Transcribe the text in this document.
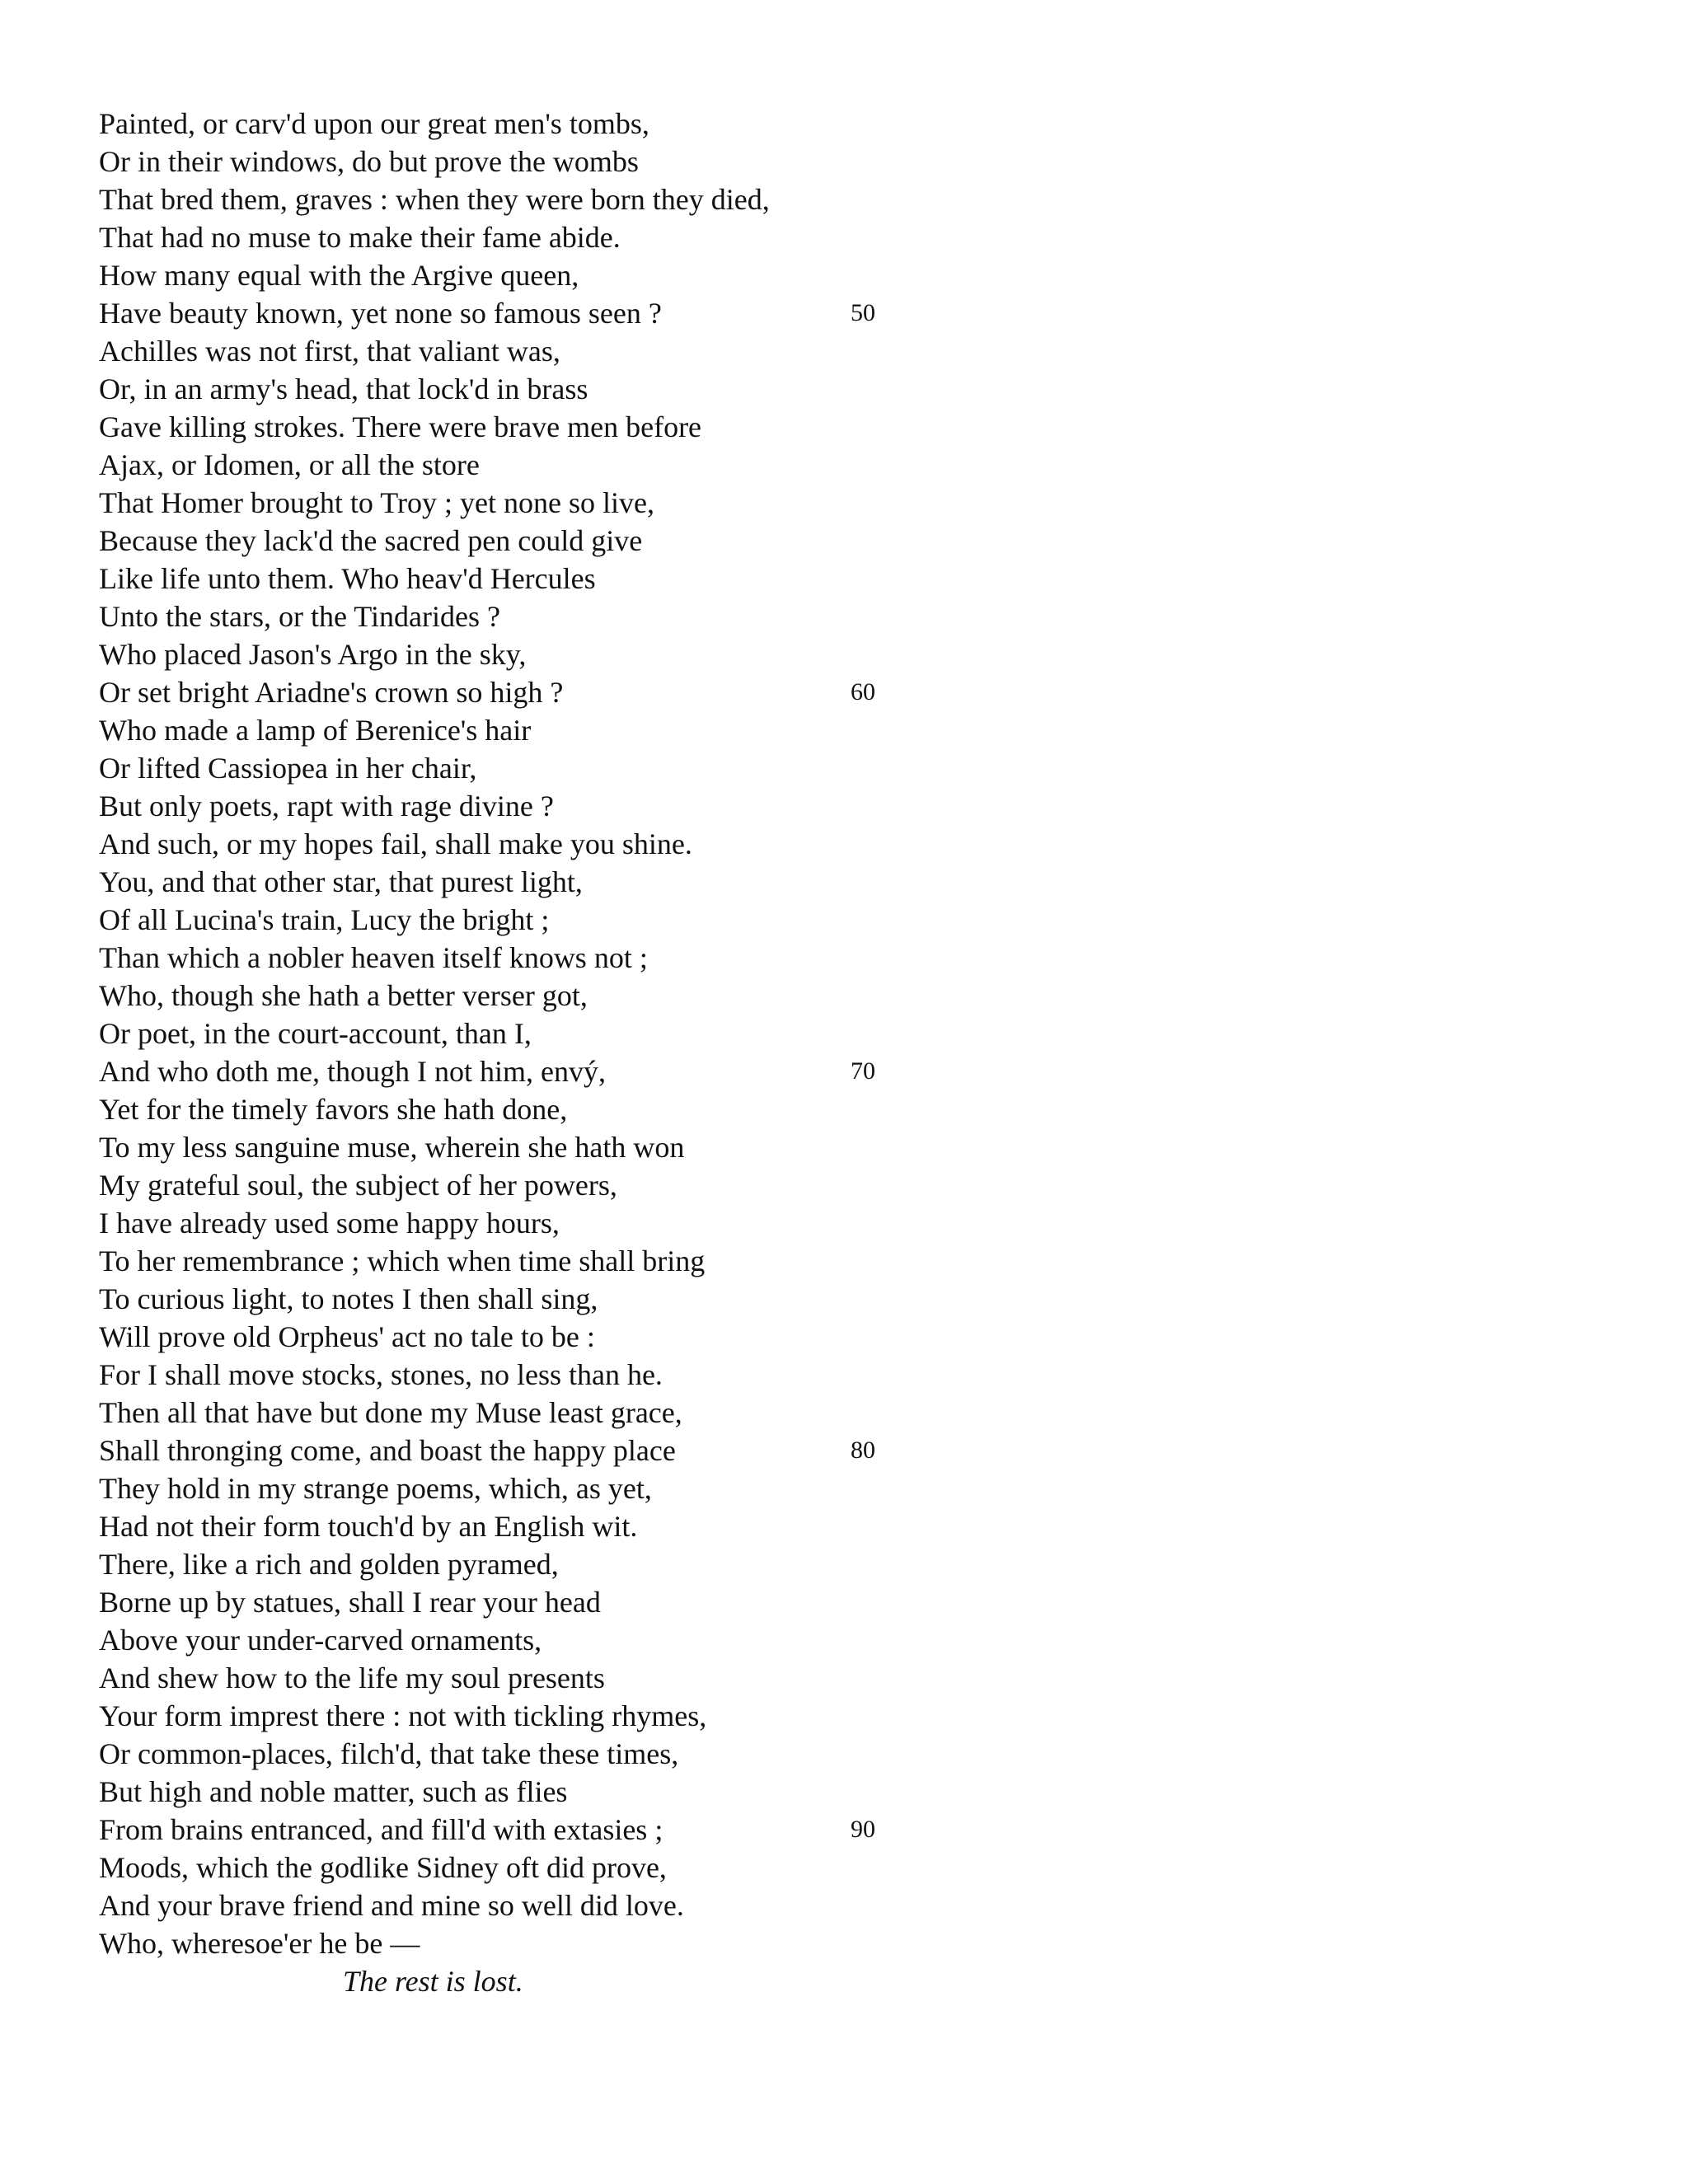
Painted, or carv'd upon our great men's tombs,
Or in their windows, do but prove the wombs
That bred them, graves : when they were born they died,
That had no muse to make their fame abide.
How many equal with the Argive queen,
Have beauty known, yet none so famous seen ?	50
Achilles was not first, that valiant was,
Or, in an army's head, that lock'd in brass
Gave killing strokes. There were brave men before
Ajax, or Idomen, or all the store
That Homer brought to Troy ; yet none so live,
Because they lack'd the sacred pen could give
Like life unto them. Who heav'd Hercules
Unto the stars, or the Tindarides ?
Who placed Jason's Argo in the sky,
Or set bright Ariadne's crown so high ?	60
Who made a lamp of Berenice's hair
Or lifted Cassiopea in her chair,
But only poets, rapt with rage divine ?
And such, or my hopes fail, shall make you shine.
You, and that other star, that purest light,
Of all Lucina's train, Lucy the bright ;
Than which a nobler heaven itself knows not ;
Who, though she hath a better verser got,
Or poet, in the court-account, than I,
And who doth me, though I not him, envý,	70
Yet for the timely favors she hath done,
To my less sanguine muse, wherein she hath won
My grateful soul, the subject of her powers,
I have already used some happy hours,
To her remembrance ; which when time shall bring
To curious light, to notes I then shall sing,
Will prove old Orpheus' act no tale to be :
For I shall move stocks, stones, no less than he.
Then all that have but done my Muse least grace,
Shall thronging come, and boast the happy place	80
They hold in my strange poems, which, as yet,
Had not their form touch'd by an English wit.
There, like a rich and golden pyramed,
Borne up by statues, shall I rear your head
Above your under-carved ornaments,
And shew how to the life my soul presents
Your form imprest there : not with tickling rhymes,
Or common-places, filch'd, that take these times,
But high and noble matter, such as flies
From brains entranced, and fill'd with extasies ;	90
Moods, which the godlike Sidney oft did prove,
And your brave friend and mine so well did love.
Who, wheresoe'er he be —
The rest is lost.
